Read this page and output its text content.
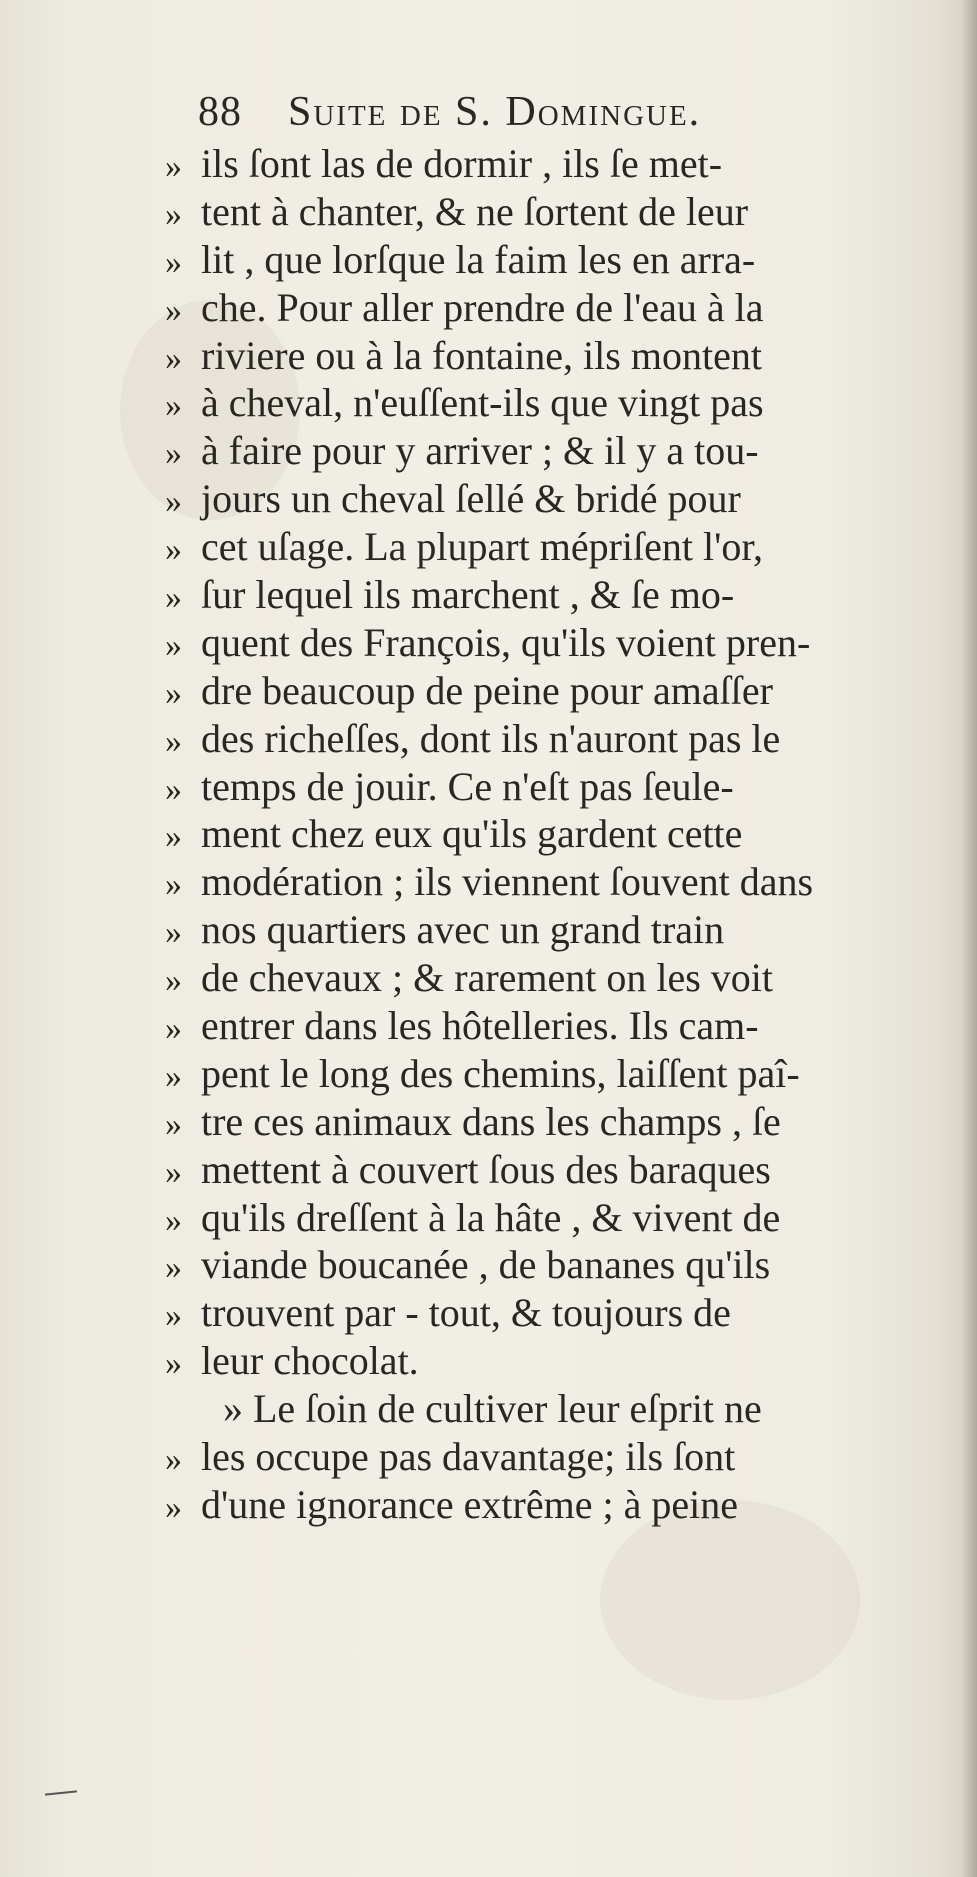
88	Suite de S. Domingue.
» ils ſont las de dormir , ils ſe met-
» tent à chanter, & ne ſortent de leur
» lit , que lorſque la faim les en arra-
» che. Pour aller prendre de l'eau à la
» riviere ou à la fontaine, ils montent
» à cheval, n'euſſent-ils que vingt pas
» à faire pour y arriver ; & il y a tou-
» jours un cheval ſellé & bridé pour
» cet uſage. La plupart mépriſent l'or,
» ſur lequel ils marchent , & ſe mo-
» quent des François, qu'ils voient pren-
» dre beaucoup de peine pour amaſſer
» des richeſſes, dont ils n'auront pas le
» temps de jouir. Ce n'eſt pas ſeule-
» ment chez eux qu'ils gardent cette
» modération ; ils viennent ſouvent dans
» nos quartiers avec un grand train
» de chevaux ; & rarement on les voit
» entrer dans les hôtelleries. Ils cam-
» pent le long des chemins, laiſſent paî-
» tre ces animaux dans les champs , ſe
» mettent à couvert ſous des baraques
» qu'ils dreſſent à la hâte , & vivent de
» viande boucanée , de bananes qu'ils
» trouvent par - tout, & toujours de
» leur chocolat.
» Le ſoin de cultiver leur eſprit ne
» les occupe pas davantage; ils ſont
» d'une ignorance extrême ; à peine
